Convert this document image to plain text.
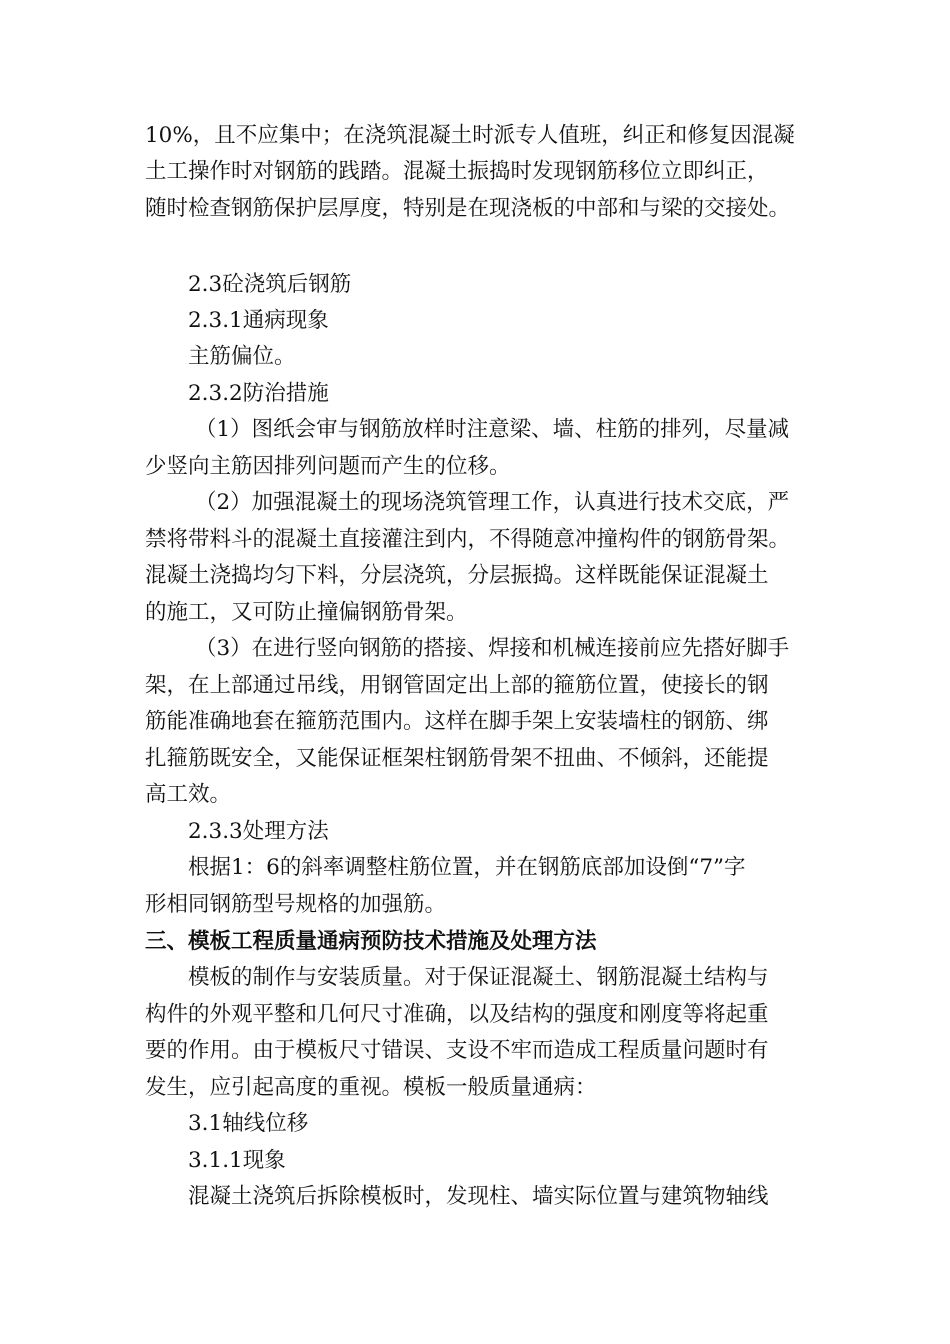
10%，且不应集中；在浇筑混凝土时派专人值班，纠正和修复因混凝
土工操作时对钢筋的践踏。混凝土振捣时发现钢筋移位立即纠正，
随时检查钢筋保护层厚度，特别是在现浇板的中部和与梁的交接处。
2.3砼浇筑后钢筋
2.3.1通病现象
主筋偏位。
2.3.2防治措施
（1）图纸会审与钢筋放样时注意梁、墙、柱筋的排列，尽量减
少竖向主筋因排列问题而产生的位移。
（2）加强混凝土的现场浇筑管理工作，认真进行技术交底，严
禁将带料斗的混凝土直接灌注到内，不得随意冲撞构件的钢筋骨架。
混凝土浇捣均匀下料，分层浇筑，分层振捣。这样既能保证混凝土
的施工，又可防止撞偏钢筋骨架。
（3）在进行竖向钢筋的搭接、焊接和机械连接前应先搭好脚手
架，在上部通过吊线，用钢管固定出上部的箍筋位置，使接长的钢
筋能准确地套在箍筋范围内。这样在脚手架上安装墙柱的钢筋、绑
扎箍筋既安全，又能保证框架柱钢筋骨架不扭曲、不倾斜，还能提
高工效。
2.3.3处理方法
根据1：6的斜率调整柱筋位置，并在钢筋底部加设倒“7”字
形相同钢筋型号规格的加强筋。
三、模板工程质量通病预防技术措施及处理方法
模板的制作与安装质量。对于保证混凝土、钢筋混凝土结构与
构件的外观平整和几何尺寸准确，以及结构的强度和刚度等将起重
要的作用。由于模板尺寸错误、支设不牢而造成工程质量问题时有
发生，应引起高度的重视。模板一般质量通病：
3.1轴线位移
3.1.1现象
混凝土浇筑后拆除模板时，发现柱、墙实际位置与建筑物轴线
